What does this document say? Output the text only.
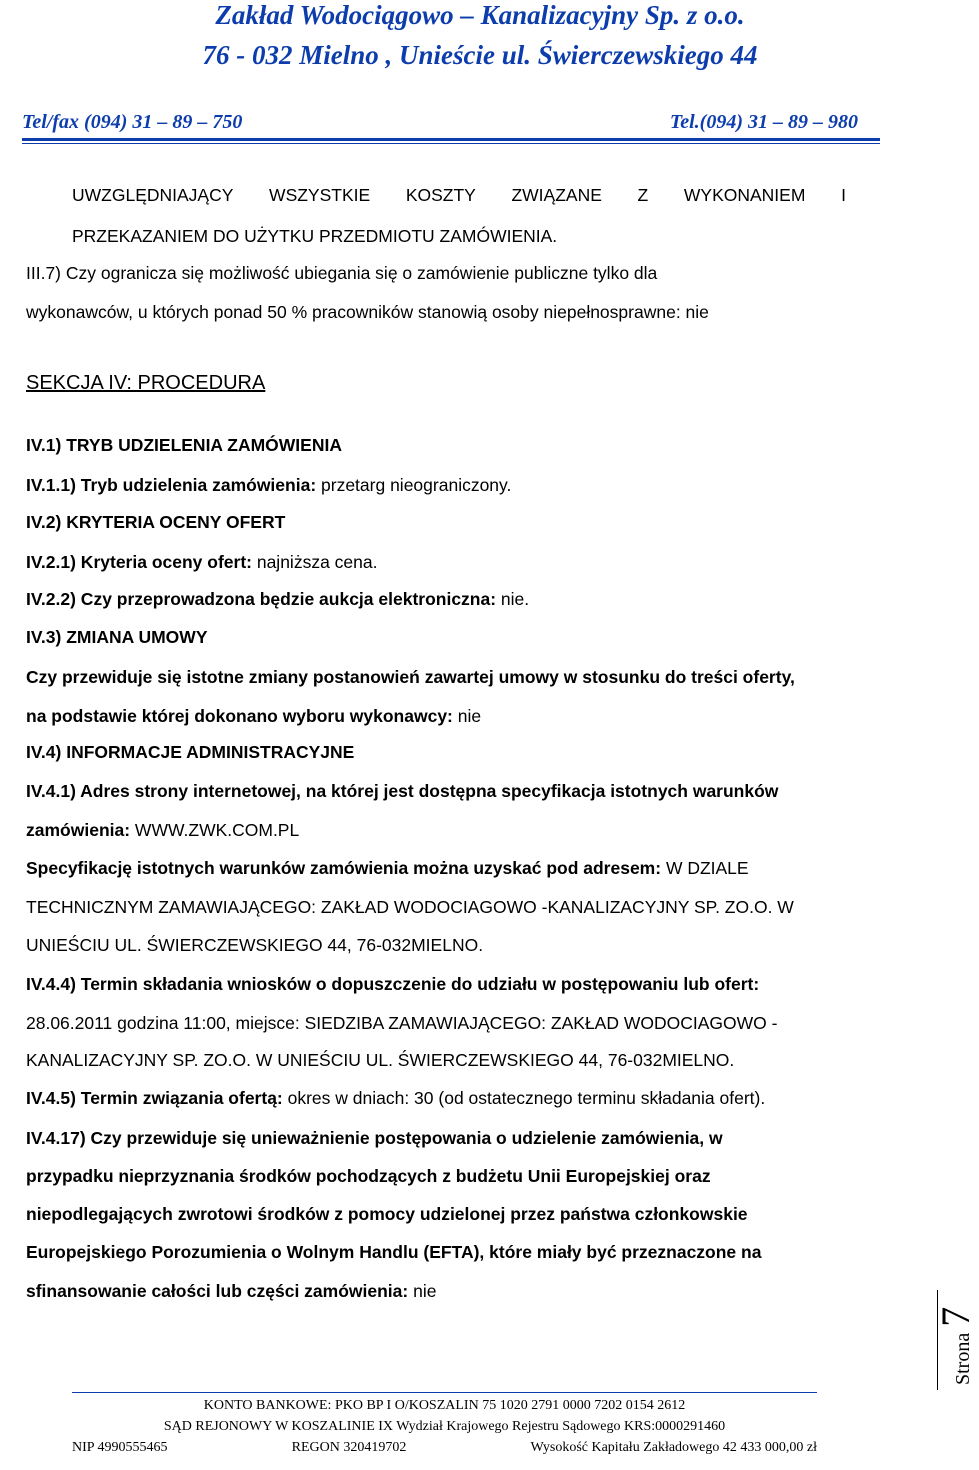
Zakład Wodociągowo – Kanalizacyjny Sp. z o.o.
76 - 032 Mielno , Unieście ul. Świerczewskiego 44
Tel/fax (094) 31 – 89 – 750	Tel.(094) 31 – 89 – 980
UWZGLĘDNIAJĄCY WSZYSTKIE KOSZTY ZWIĄZANE Z WYKONANIEM I
PRZEKAZANIEM DO UŻYTKU PRZEDMIOTU ZAMÓWIENIA.
III.7) Czy ogranicza się możliwość ubiegania się o zamówienie publiczne tylko dla
wykonawców, u których ponad 50 % pracowników stanowią osoby niepełnosprawne: nie
SEKCJA IV: PROCEDURA
IV.1) TRYB UDZIELENIA ZAMÓWIENIA
IV.1.1) Tryb udzielenia zamówienia: przetarg nieograniczony.
IV.2) KRYTERIA OCENY OFERT
IV.2.1) Kryteria oceny ofert: najniższa cena.
IV.2.2) Czy przeprowadzona będzie aukcja elektroniczna: nie.
IV.3) ZMIANA UMOWY
Czy przewiduje się istotne zmiany postanowień zawartej umowy w stosunku do treści oferty,
na podstawie której dokonano wyboru wykonawcy: nie
IV.4) INFORMACJE ADMINISTRACYJNE
IV.4.1) Adres strony internetowej, na której jest dostępna specyfikacja istotnych warunków
zamówienia: WWW.ZWK.COM.PL
Specyfikację istotnych warunków zamówienia można uzyskać pod adresem: W DZIALE
TECHNICZNYM ZAMAWIAJĄCEGO: ZAKŁAD WODOCIAGOWO -KANALIZACYJNY SP. ZO.O. W
UNIEŚCIU UL. ŚWIERCZEWSKIEGO 44, 76-032MIELNO.
IV.4.4) Termin składania wniosków o dopuszczenie do udziału w postępowaniu lub ofert:
28.06.2011 godzina 11:00, miejsce: SIEDZIBA ZAMAWIAJĄCEGO: ZAKŁAD WODOCIAGOWO -
KANALIZACYJNY SP. ZO.O. W UNIEŚCIU UL. ŚWIERCZEWSKIEGO 44, 76-032MIELNO.
IV.4.5) Termin związania ofertą: okres w dniach: 30 (od ostatecznego terminu składania ofert).
IV.4.17) Czy przewiduje się unieważnienie postępowania o udzielenie zamówienia, w
przypadku nieprzyznania środków pochodzących z budżetu Unii Europejskiej oraz
niepodlegających zwrotowi środków z pomocy udzielonej przez państwa członkowskie
Europejskiego Porozumienia o Wolnym Handlu (EFTA), które miały być przeznaczone na
sfinansowanie całości lub części zamówienia: nie
Strona7
KONTO BANKOWE: PKO BP I O/KOSZALIN 75 1020 2791 0000 7202 0154 2612
SĄD REJONOWY W KOSZALINIE IX Wydział Krajowego Rejestru Sądowego KRS:0000291460
NIP 4990555465	REGON 320419702	Wysokość Kapitału Zakładowego 42 433 000,00 zł
